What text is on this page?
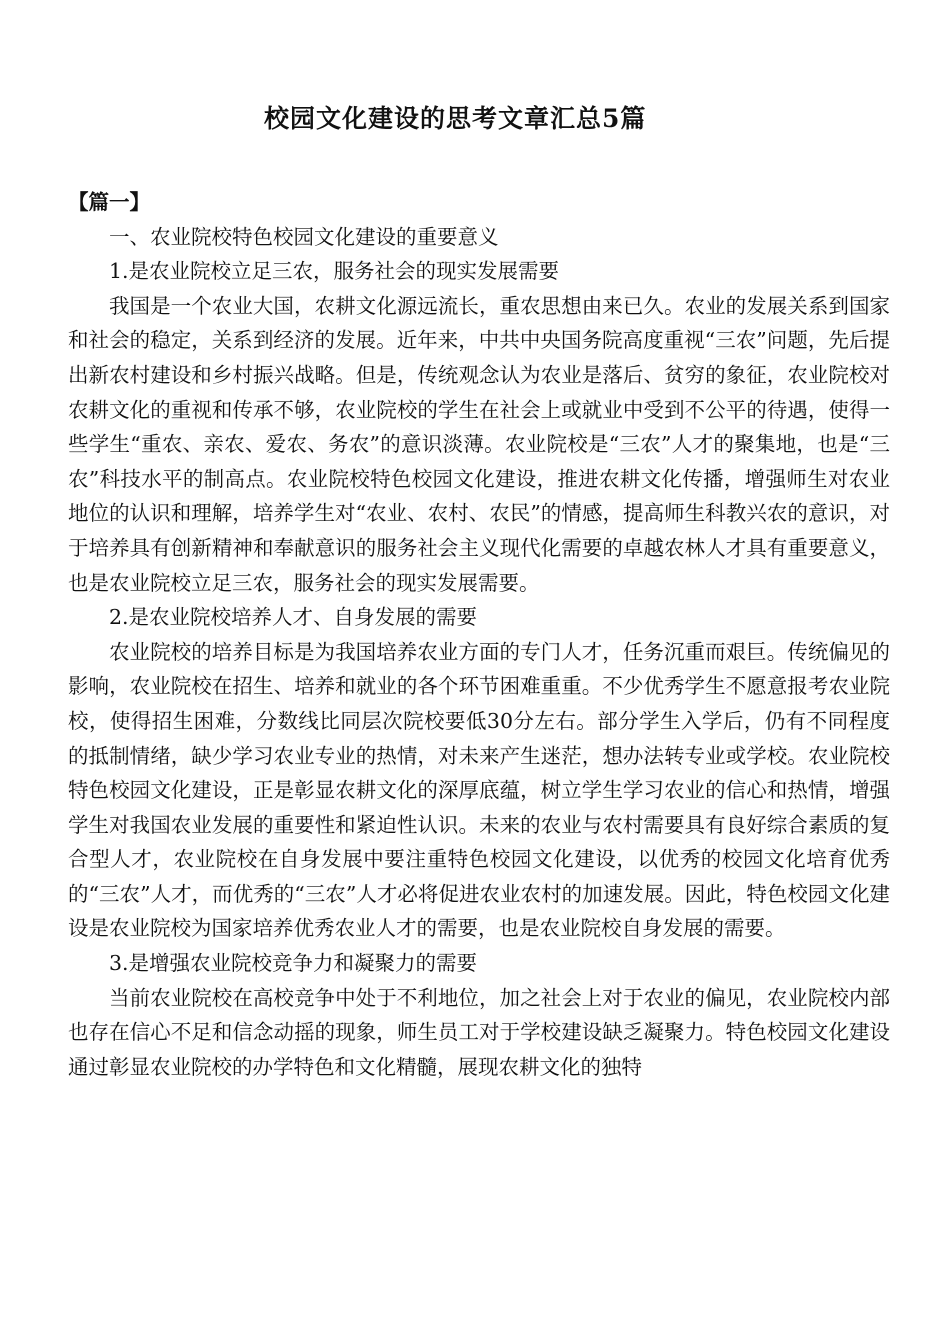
校园文化建设的思考文章汇总5篇

【篇一】

一、农业院校特色校园文化建设的重要意义

1.是农业院校立足三农，服务社会的现实发展需要

我国是一个农业大国，农耕文化源远流长，重农思想由来已久。农业的发展关系到国家和社会的稳定，关系到经济的发展。近年来，中共中央国务院高度重视“三农”问题，先后提出新农村建设和乡村振兴战略。但是，传统观念认为农业是落后、贫穷的象征，农业院校对农耕文化的重视和传承不够，农业院校的学生在社会上或就业中受到不公平的待遇，使得一些学生“重农、亲农、爱农、务农”的意识淡薄。农业院校是“三农”人才的聚集地，也是“三农”科技水平的制高点。农业院校特色校园文化建设，推进农耕文化传播，增强师生对农业地位的认识和理解，培养学生对“农业、农村、农民”的情感，提高师生科教兴农的意识，对于培养具有创新精神和奉献意识的服务社会主义现代化需要的卓越农林人才具有重要意义，也是农业院校立足三农，服务社会的现实发展需要。

2.是农业院校培养人才、自身发展的需要

农业院校的培养目标是为我国培养农业方面的专门人才，任务沉重而艰巨。传统偏见的影响，农业院校在招生、培养和就业的各个环节困难重重。不少优秀学生不愿意报考农业院校，使得招生困难，分数线比同层次院校要低30分左右。部分学生入学后，仍有不同程度的抵制情绪，缺少学习农业专业的热情，对未来产生迷茫，想办法转专业或学校。农业院校特色校园文化建设，正是彰显农耕文化的深厚底蕴，树立学生学习农业的信心和热情，增强学生对我国农业发展的重要性和紧迫性认识。未来的农业与农村需要具有良好综合素质的复合型人才，农业院校在自身发展中要注重特色校园文化建设，以优秀的校园文化培育优秀的“三农”人才，而优秀的“三农”人才必将促进农业农村的加速发展。因此，特色校园文化建设是农业院校为国家培养优秀农业人才的需要，也是农业院校自身发展的需要。

3.是增强农业院校竞争力和凝聚力的需要

当前农业院校在高校竞争中处于不利地位，加之社会上对于农业的偏见，农业院校内部也存在信心不足和信念动摇的现象，师生员工对于学校建设缺乏凝聚力。特色校园文化建设通过彰显农业院校的办学特色和文化精髓，展现农耕文化的独特
